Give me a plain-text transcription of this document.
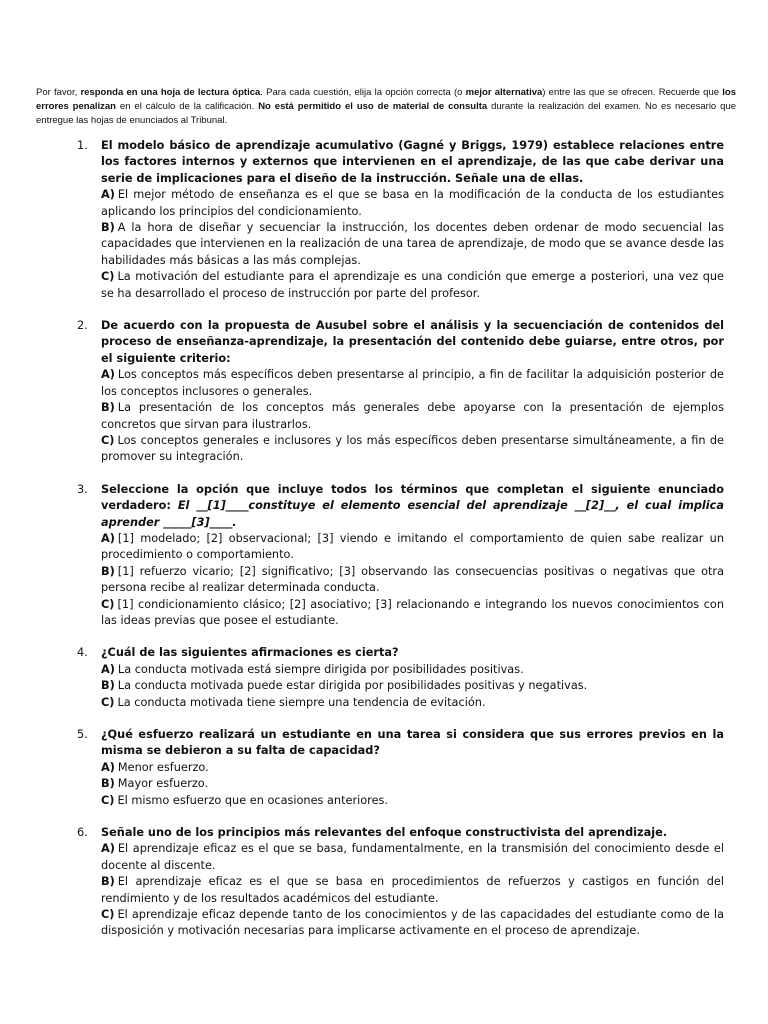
Por favor, responda en una hoja de lectura óptica. Para cada cuestión, elija la opción correcta (o mejor alternativa) entre las que se ofrecen. Recuerde que los errores penalizan en el cálculo de la calificación. No está permitido el uso de material de consulta durante la realización del examen. No es necesario que entregue las hojas de enunciados al Tribunal.
1. El modelo básico de aprendizaje acumulativo (Gagné y Briggs, 1979) establece relaciones entre los factores internos y externos que intervienen en el aprendizaje, de las que cabe derivar una serie de implicaciones para el diseño de la instrucción. Señale una de ellas.
A) El mejor método de enseñanza es el que se basa en la modificación de la conducta de los estudiantes aplicando los principios del condicionamiento.
B) A la hora de diseñar y secuenciar la instrucción, los docentes deben ordenar de modo secuencial las capacidades que intervienen en la realización de una tarea de aprendizaje, de modo que se avance desde las habilidades más básicas a las más complejas.
C) La motivación del estudiante para el aprendizaje es una condición que emerge a posteriori, una vez que se ha desarrollado el proceso de instrucción por parte del profesor.
2. De acuerdo con la propuesta de Ausubel sobre el análisis y la secuenciación de contenidos del proceso de enseñanza-aprendizaje, la presentación del contenido debe guiarse, entre otros, por el siguiente criterio:
A) Los conceptos más específicos deben presentarse al principio, a fin de facilitar la adquisición posterior de los conceptos inclusores o generales.
B) La presentación de los conceptos más generales debe apoyarse con la presentación de ejemplos concretos que sirvan para ilustrarlos.
C) Los conceptos generales e inclusores y los más específicos deben presentarse simultáneamente, a fin de promover su integración.
3. Seleccione la opción que incluye todos los términos que completan el siguiente enunciado verdadero: El __[1]____constituye el elemento esencial del aprendizaje __[2]__, el cual implica aprender _____[3]____.
A) [1] modelado; [2] observacional; [3] viendo e imitando el comportamiento de quien sabe realizar un procedimiento o comportamiento.
B) [1] refuerzo vicario; [2] significativo; [3] observando las consecuencias positivas o negativas que otra persona recibe al realizar determinada conducta.
C) [1] condicionamiento clásico; [2] asociativo; [3] relacionando e integrando los nuevos conocimientos con las ideas previas que posee el estudiante.
4. ¿Cuál de las siguientes afirmaciones es cierta?
A) La conducta motivada está siempre dirigida por posibilidades positivas.
B) La conducta motivada puede estar dirigida por posibilidades positivas y negativas.
C) La conducta motivada tiene siempre una tendencia de evitación.
5. ¿Qué esfuerzo realizará un estudiante en una tarea si considera que sus errores previos en la misma se debieron a su falta de capacidad?
A) Menor esfuerzo.
B) Mayor esfuerzo.
C) El mismo esfuerzo que en ocasiones anteriores.
6. Señale uno de los principios más relevantes del enfoque constructivista del aprendizaje.
A) El aprendizaje eficaz es el que se basa, fundamentalmente, en la transmisión del conocimiento desde el docente al discente.
B) El aprendizaje eficaz es el que se basa en procedimientos de refuerzos y castigos en función del rendimiento y de los resultados académicos del estudiante.
C) El aprendizaje eficaz depende tanto de los conocimientos y de las capacidades del estudiante como de la disposición y motivación necesarias para implicarse activamente en el proceso de aprendizaje.
